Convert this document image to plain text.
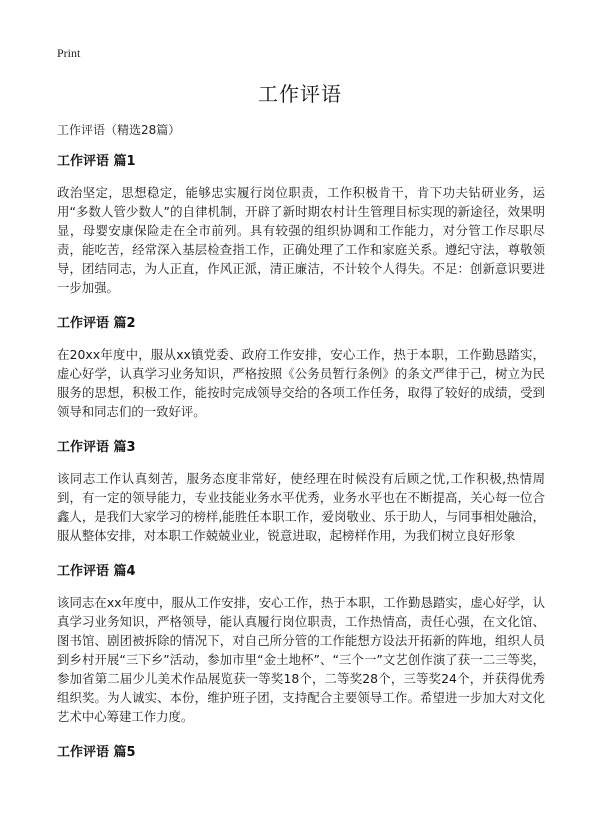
Print
工作评语
工作评语（精选28篇）
工作评语 篇1
政治坚定，思想稳定，能够忠实履行岗位职责，工作积极肯干，肯下功夫钻研业务，运用“多数人管少数人”的自律机制，开辟了新时期农村计生管理目标实现的新途径，效果明显，母婴安康保险走在全市前列。具有较强的组织协调和工作能力，对分管工作尽职尽责，能吃苦，经常深入基层检查指工作，正确处理了工作和家庭关系。遵纪守法，尊敬领导，团结同志，为人正直，作风正派，清正廉洁，不计较个人得失。不足：创新意识要进一步加强。
工作评语 篇2
在20xx年度中，服从xx镇党委、政府工作安排，安心工作，热于本职，工作勤恳踏实，虚心好学，认真学习业务知识，严格按照《公务员暂行条例》的条文严律于己，树立为民服务的思想，积极工作，能按时完成领导交给的各项工作任务，取得了较好的成绩，受到领导和同志们的一致好评。
工作评语 篇3
该同志工作认真刻苦，服务态度非常好，使经理在时候没有后顾之忧,工作积极,热情周到，有一定的领导能力，专业技能业务水平优秀，业务水平也在不断提高，关心每一位合鑫人，是我们大家学习的榜样,能胜任本职工作，爱岗敬业、乐于助人，与同事相处融洽，服从整体安排，对本职工作兢兢业业，锐意进取，起榜样作用，为我们树立良好形象
工作评语 篇4
该同志在xx年度中，服从工作安排，安心工作，热于本职，工作勤恳踏实，虚心好学，认真学习业务知识，严格领导，能认真履行岗位职责，工作热情高，责任心强，在文化馆、图书馆、剧团被拆除的情况下，对自己所分管的工作能想方设法开拓新的阵地，组织人员到乡村开展“三下乡”活动，参加市里“金土地杯”、“三个一”文艺创作演了获一二三等奖，参加省第二届少儿美术作品展览获一等奖18个，二等奖28个，三等奖24个，并获得优秀组织奖。为人诚实、本份，维护班子团，支持配合主要领导工作。希望进一步加大对文化艺术中心筹建工作力度。
工作评语 篇5
